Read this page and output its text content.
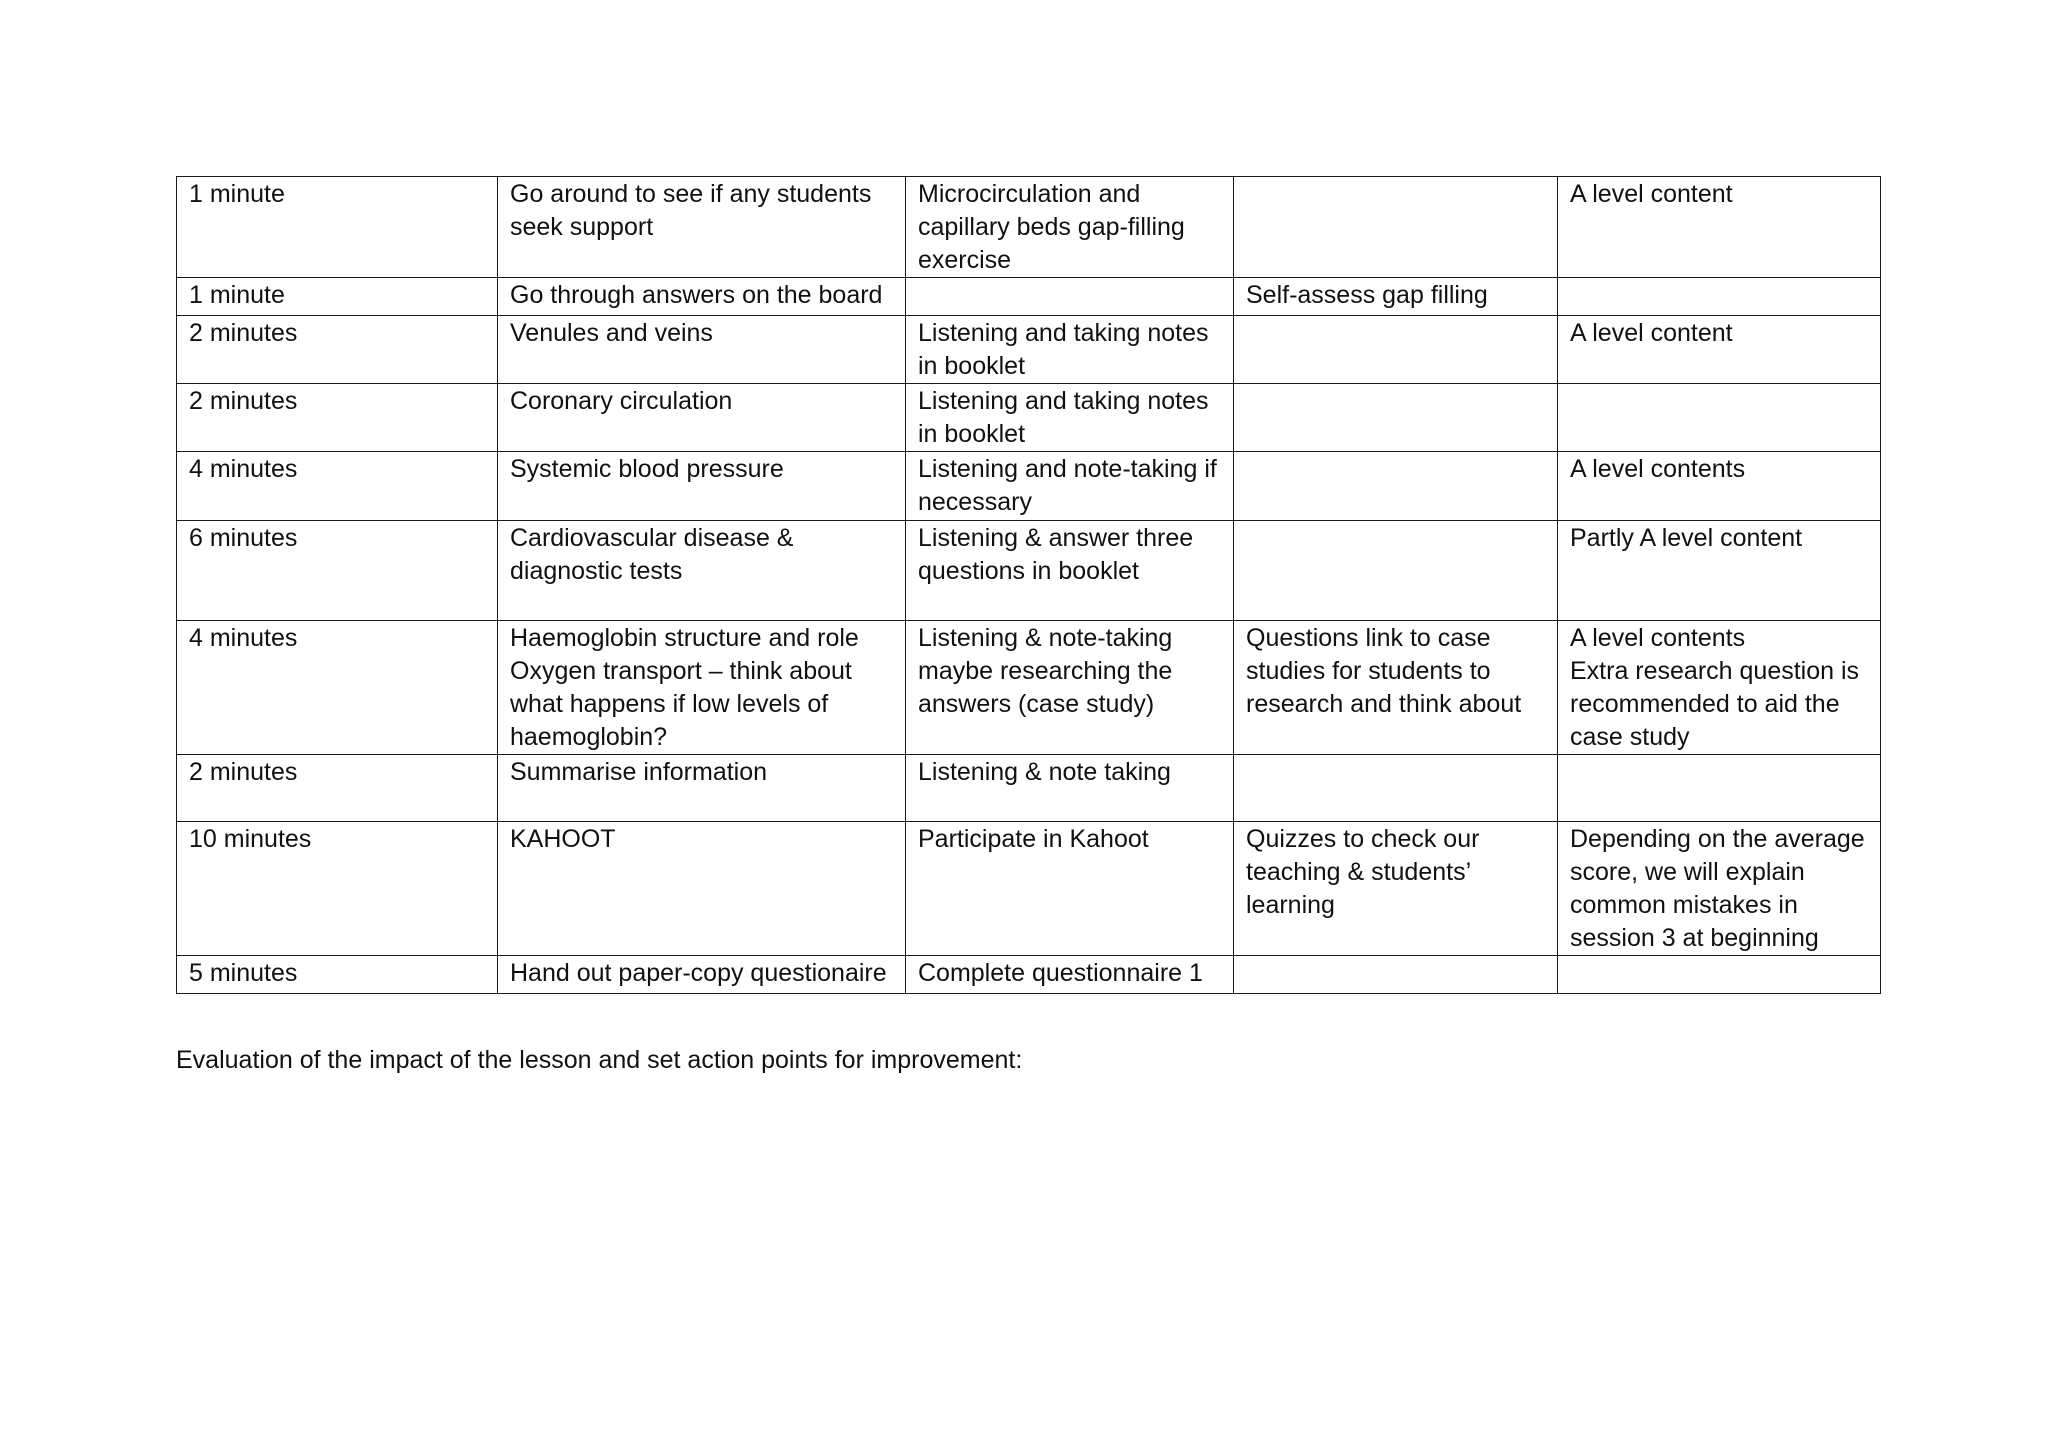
1 minute	Go around to see if any students
seek support	Microcirculation and
capillary beds gap-filling
exercise		A level content
1 minute	Go through answers on the board		Self-assess gap filling	
2 minutes	Venules and veins	Listening and taking notes
in booklet		A level content
2 minutes	Coronary circulation	Listening and taking notes
in booklet		
4 minutes	Systemic blood pressure	Listening and note-taking if
necessary		A level contents
6 minutes	Cardiovascular disease &
diagnostic tests	Listening & answer three
questions in booklet		Partly A level content
4 minutes	Haemoglobin structure and role
Oxygen transport – think about
what happens if low levels of
haemoglobin?	Listening & note-taking
maybe researching the
answers (case study)	Questions link to case
studies for students to
research and think about	A level contents
Extra research question is
recommended to aid the
case study
2 minutes	Summarise information	Listening & note taking		
10 minutes	KAHOOT	Participate in Kahoot	Quizzes to check our
teaching & students’
learning	Depending on the average
score, we will explain
common mistakes in
session 3 at beginning
5 minutes	Hand out paper-copy questionaire	Complete questionnaire 1		

Evaluation of the impact of the lesson and set action points for improvement:
